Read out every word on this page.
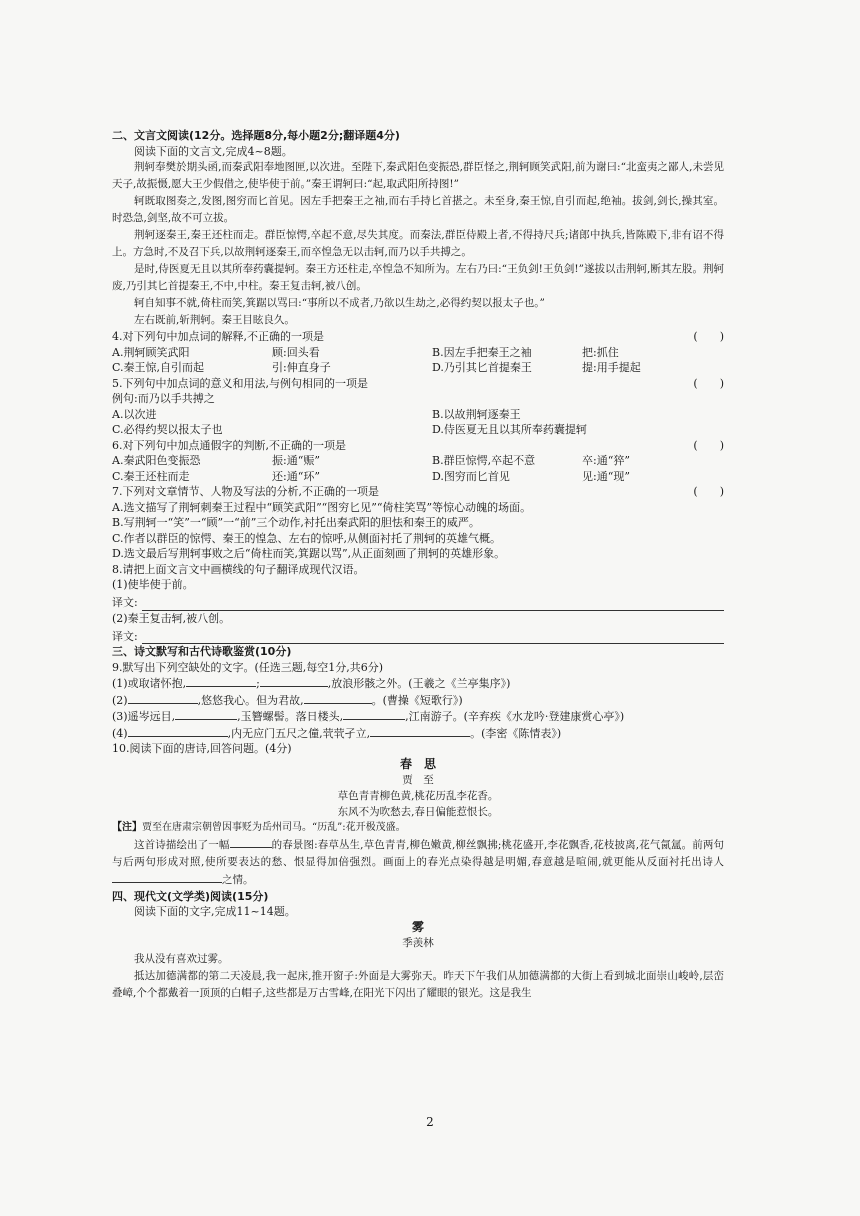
二、文言文阅读(12分。选择题8分,每小题2分;翻译题4分)
阅读下面的文言文,完成4~8题。
荆轲奉樊於期头函,而秦武阳奉地图匣,以次进。至陛下,秦武阳色变振恐,群臣怪之,荆轲顾笑武阳,前为谢曰:“北蛮夷之鄙人,未尝见天子,故振慑,愿大王少假借之,使毕使于前。”秦王谓轲曰:“起,取武阳所持图!”
轲既取图奏之,发图,图穷而匕首见。因左手把秦王之袖,而右手持匕首揕之。未至身,秦王惊,自引而起,绝袖。拔剑,剑长,操其室。时恐急,剑坚,故不可立拔。
荆轲逐秦王,秦王还柱而走。群臣惊愕,卒起不意,尽失其度。而秦法,群臣侍殿上者,不得持尺兵;诸郎中执兵,皆陈殿下,非有诏不得上。方急时,不及召下兵,以故荆轲逐秦王,而卒惶急无以击轲,而乃以手共搏之。
是时,侍医夏无且以其所奉药囊提轲。秦王方还柱走,卒惶急不知所为。左右乃曰:“王负剑!王负剑!”遂拔以击荆轲,断其左股。荆轲废,乃引其匕首提秦王,不中,中柱。秦王复击轲,被八创。
轲自知事不就,倚柱而笑,箕踞以骂曰:“事所以不成者,乃欲以生劫之,必得约契以报太子也。”
左右既前,斩荆轲。秦王目眩良久。
4.对下列句中加点词的解释,不正确的一项是	(　　)
A.荆轲顾笑武阳	顾:回头看	B.因左手把秦王之袖	把:抓住
C.秦王惊,自引而起	引:伸直身子	D.乃引其匕首提秦王	提:用手提起
5.下列句中加点词的意义和用法,与例句相同的一项是	(　　)
例句:而乃以手共搏之
A.以次进	B.以故荆轲逐秦王
C.必得约契以报太子也	D.侍医夏无且以其所奉药囊提轲
6.对下列句中加点通假字的判断,不正确的一项是	(　　)
A.秦武阳色变振恐	振:通“赈”	B.群臣惊愕,卒起不意	卒:通“猝”
C.秦王还柱而走	还:通“环”	D.图穷而匕首见	见:通“现”
7.下列对文章情节、人物及写法的分析,不正确的一项是	(　　)
A.选文描写了荆轲刺秦王过程中“顾笑武阳”“图穷匕见”“倚柱笑骂”等惊心动魄的场面。
B.写荆轲一“笑”一“顾”一“前”三个动作,衬托出秦武阳的胆怯和秦王的威严。
C.作者以群臣的惊愕、秦王的惶急、左右的惊呼,从侧面衬托了荆轲的英雄气概。
D.选文最后写荆轲事败之后“倚柱而笑,箕踞以骂”,从正面刻画了荆轲的英雄形象。
8.请把上面文言文中画横线的句子翻译成现代汉语。
(1)使毕使于前。
译文:
(2)秦王复击轲,被八创。
译文:
三、诗文默写和古代诗歌鉴赏(10分)
9.默写出下列空缺处的文字。(任选三题,每空1分,共6分)
(1)或取诸怀抱,	;	,放浪形骸之外。(王羲之《兰亭集序》)
(2)	,悠悠我心。但为君故,	。(曹操《短歌行》)
(3)遥岑远目,	,玉簪螺髻。落日楼头,	,江南游子。(辛弃疾《水龙吟·登建康赏心亭》)
(4)	,内无应门五尺之僮,茕茕孑立,	。(李密《陈情表》)
10.阅读下面的唐诗,回答问题。(4分)
春　思
贾　至
草色青青柳色黄,桃花历乱李花香。
东风不为吹愁去,春日偏能惹恨长。
【注】贾至在唐肃宗朝曾因事贬为岳州司马。“历乱”:花开极茂盛。
这首诗描绘出了一幅	的春景图:春草丛生,草色青青,柳色嫩黄,柳丝飘拂;桃花盛开,李花飘香,花枝披离,花气氤氲。前两句与后两句形成对照,使所要表达的愁、恨显得加倍强烈。画面上的春光点染得越是明媚,春意越是喧闹,就更能从反面衬托出诗人之情。
四、现代文(文学类)阅读(15分)
阅读下面的文字,完成11~14题。
雾
季羡林
我从没有喜欢过雾。
抵达加德满都的第二天凌晨,我一起床,推开窗子:外面是大雾弥天。昨天下午我们从加德满都的大街上看到城北面崇山峻岭,层峦叠嶂,个个都戴着一顶顶的白帽子,这些都是万古雪峰,在阳光下闪出了耀眼的银光。这是我生
2
